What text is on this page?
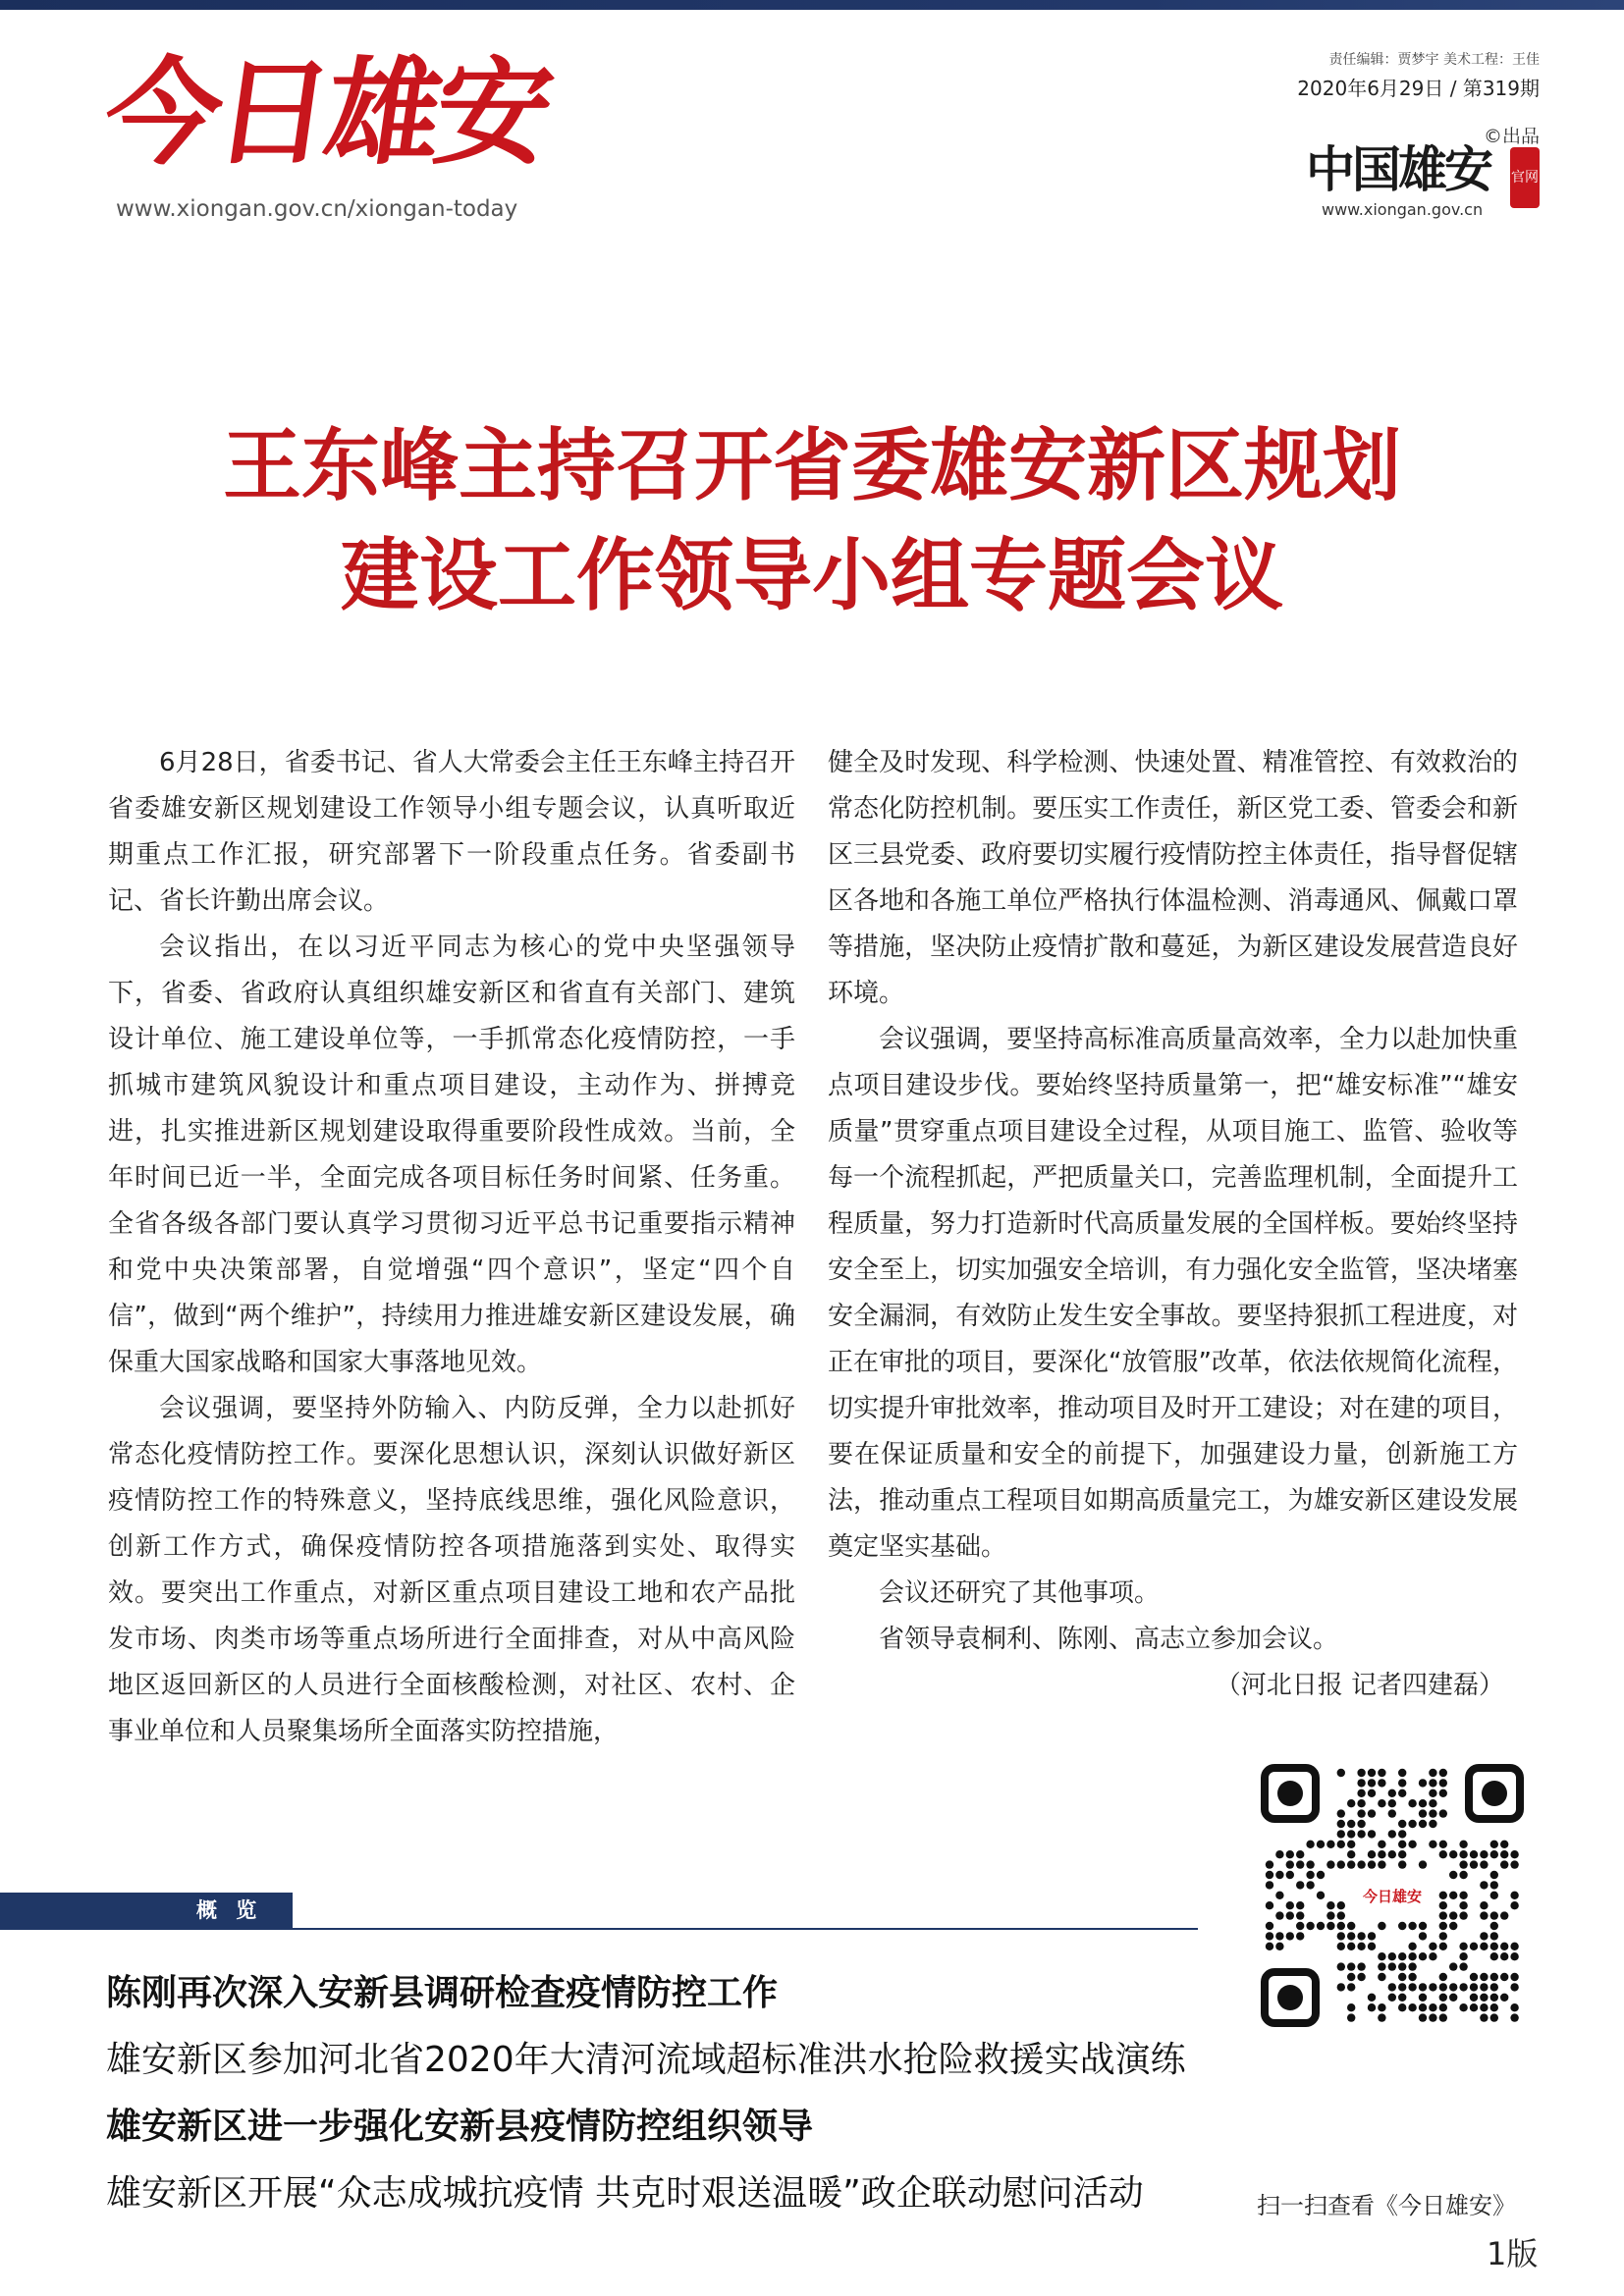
今日雄安
www.xiongan.gov.cn/xiongan-today
责任编辑：贾梦宇 美术工程：王佳
2020年6月29日 / 第319期
©出品
中国雄安 官网
www.xiongan.gov.cn
王东峰主持召开省委雄安新区规划
建设工作领导小组专题会议

6月28日，省委书记、省人大常委会主任王东峰主持召开省委雄安新区规划建设工作领导小组专题会议，认真听取近期重点工作汇报，研究部署下一阶段重点任务。省委副书记、省长许勤出席会议。

会议指出，在以习近平同志为核心的党中央坚强领导下，省委、省政府认真组织雄安新区和省直有关部门、建筑设计单位、施工建设单位等，一手抓常态化疫情防控，一手抓城市建筑风貌设计和重点项目建设，主动作为、拼搏竞进，扎实推进新区规划建设取得重要阶段性成效。当前，全年时间已近一半，全面完成各项目标任务时间紧、任务重。全省各级各部门要认真学习贯彻习近平总书记重要指示精神和党中央决策部署，自觉增强“四个意识”，坚定“四个自信”，做到“两个维护”，持续用力推进雄安新区建设发展，确保重大国家战略和国家大事落地见效。

会议强调，要坚持外防输入、内防反弹，全力以赴抓好常态化疫情防控工作。要深化思想认识，深刻认识做好新区疫情防控工作的特殊意义，坚持底线思维，强化风险意识，创新工作方式，确保疫情防控各项措施落到实处、取得实效。要突出工作重点，对新区重点项目建设工地和农产品批发市场、肉类市场等重点场所进行全面排查，对从中高风险地区返回新区的人员进行全面核酸检测，对社区、农村、企事业单位和人员聚集场所全面落实防控措施，

健全及时发现、科学检测、快速处置、精准管控、有效救治的常态化防控机制。要压实工作责任，新区党工委、管委会和新区三县党委、政府要切实履行疫情防控主体责任，指导督促辖区各地和各施工单位严格执行体温检测、消毒通风、佩戴口罩等措施，坚决防止疫情扩散和蔓延，为新区建设发展营造良好环境。

会议强调，要坚持高标准高质量高效率，全力以赴加快重点项目建设步伐。要始终坚持质量第一，把“雄安标准”“雄安质量”贯穿重点项目建设全过程，从项目施工、监管、验收等每一个流程抓起，严把质量关口，完善监理机制，全面提升工程质量，努力打造新时代高质量发展的全国样板。要始终坚持安全至上，切实加强安全培训，有力强化安全监管，坚决堵塞安全漏洞，有效防止发生安全事故。要坚持狠抓工程进度，对正在审批的项目，要深化“放管服”改革，依法依规简化流程，切实提升审批效率，推动项目及时开工建设；对在建的项目，要在保证质量和安全的前提下，加强建设力量，创新施工方法，推动重点工程项目如期高质量完工，为雄安新区建设发展奠定坚实基础。

会议还研究了其他事项。

省领导袁桐利、陈刚、高志立参加会议。

（河北日报 记者四建磊）

概 览
陈刚再次深入安新县调研检查疫情防控工作
雄安新区参加河北省2020年大清河流域超标准洪水抢险救援实战演练
雄安新区进一步强化安新县疫情防控组织领导
雄安新区开展“众志成城抗疫情 共克时艰送温暖”政企联动慰问活动
今日雄安
扫一扫查看《今日雄安》
1版
